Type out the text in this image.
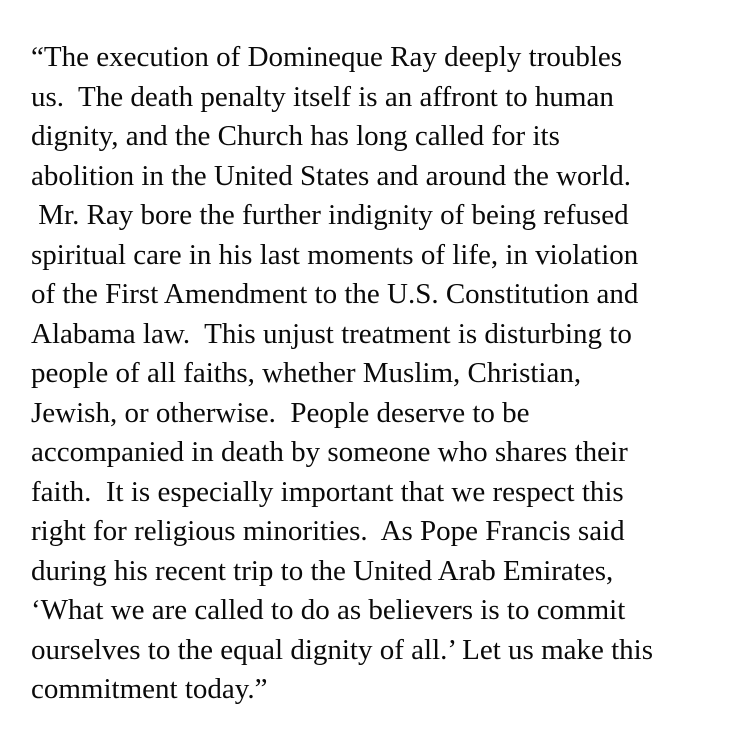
“The execution of Domineque Ray deeply troubles
us.  The death penalty itself is an affront to human
dignity, and the Church has long called for its
abolition in the United States and around the world.
Mr. Ray bore the further indignity of being refused
spiritual care in his last moments of life, in violation
of the First Amendment to the U.S. Constitution and
Alabama law.  This unjust treatment is disturbing to
people of all faiths, whether Muslim, Christian,
Jewish, or otherwise.  People deserve to be
accompanied in death by someone who shares their
faith.  It is especially important that we respect this
right for religious minorities.  As Pope Francis said
during his recent trip to the United Arab Emirates,
‘What we are called to do as believers is to commit
ourselves to the equal dignity of all.’ Let us make this
commitment today.”
